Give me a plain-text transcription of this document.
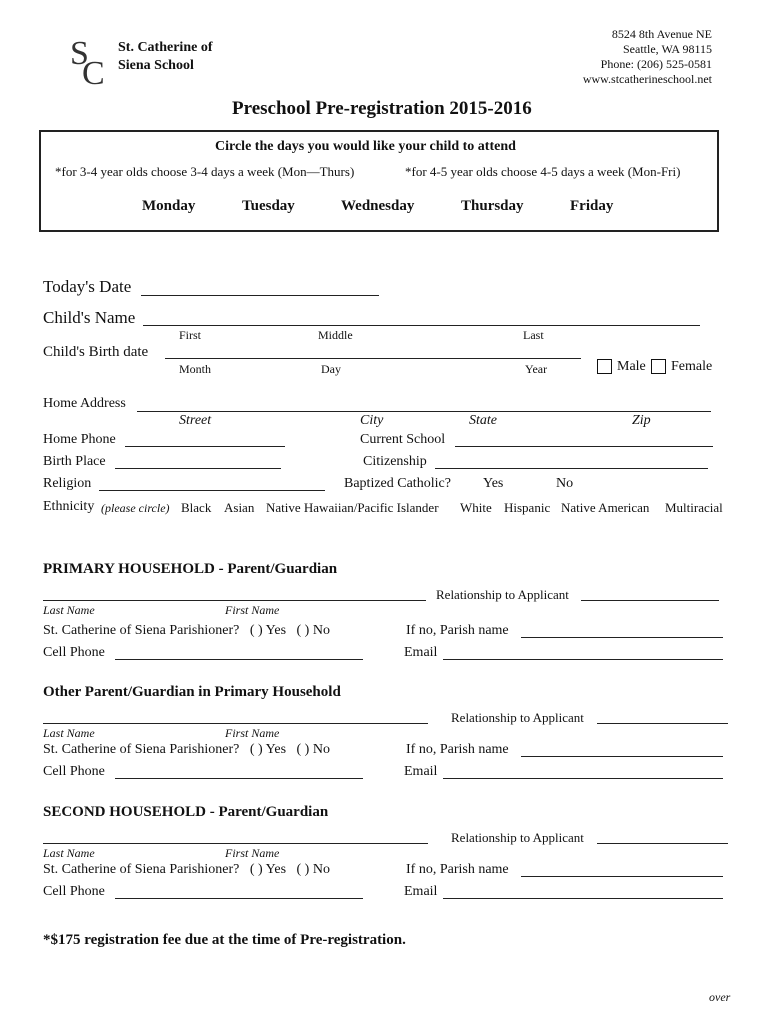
S
C
St. Catherine of
Siena School
8524 8th Avenue NE
Seattle, WA 98115
Phone: (206) 525-0581
www.stcatherineschool.net
Preschool Pre-registration 2015-2016
Circle the days you would like your child to attend
*for 3-4 year olds choose 3-4 days a week (Mon—Thurs)	*for 4-5 year olds choose 4-5 days a week (Mon-Fri)
Monday	Tuesday	Wednesday	Thursday	Friday
Today's Date
Child's Name
First	Middle	Last
Child's Birth date
Month	Day	Year	Male Female
Home Address
Street	City	State	Zip
Home Phone	Current School
Birth Place	Citizenship
Religion	Baptized Catholic? Yes	No
Ethnicity (please circle) Black Asian Native Hawaiian/Pacific Islander White Hispanic Native American Multiracial
PRIMARY HOUSEHOLD - Parent/Guardian
Relationship to Applicant
Last Name	First Name
St. Catherine of Siena Parishioner?   ( ) Yes   ( ) No	If no, Parish name
Cell Phone	Email
Other Parent/Guardian in Primary Household
Relationship to Applicant
Last Name	First Name
St. Catherine of Siena Parishioner?   ( ) Yes   ( ) No	If no, Parish name
Cell Phone	Email
SECOND HOUSEHOLD - Parent/Guardian
Relationship to Applicant
Last Name	First Name
St. Catherine of Siena Parishioner?   ( ) Yes   ( ) No	If no, Parish name
Cell Phone	Email
*$175 registration fee due at the time of Pre-registration.
over
